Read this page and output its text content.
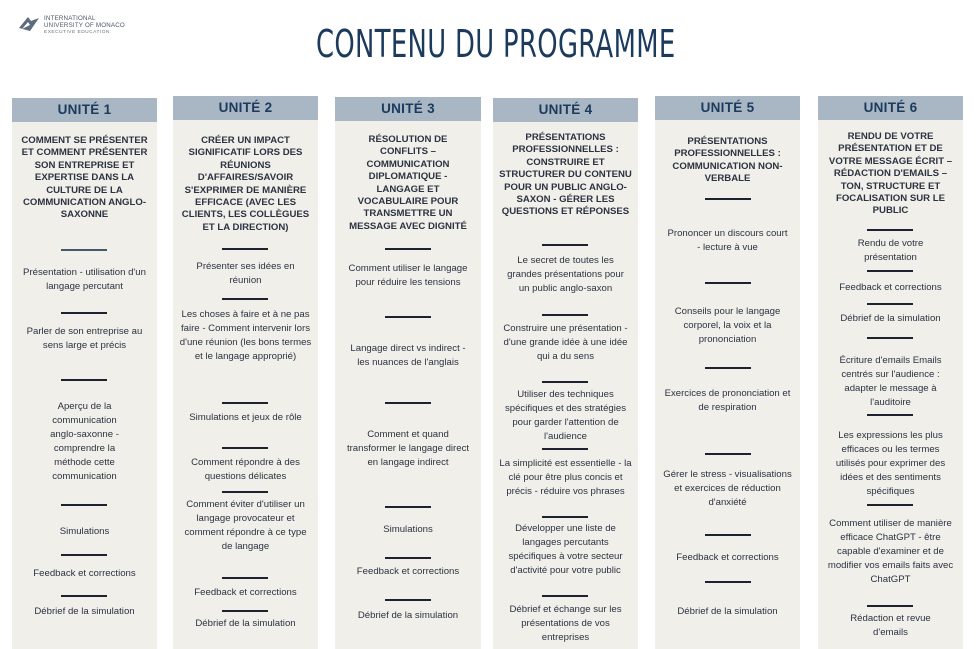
INTERNATIONAL
UNIVERSITY OF MONACO
EXECUTIVE EDUCATION	CONTENU DU PROGRAMME
UNITÉ 1
COMMENT SE PRÉSENTER ET COMMENT PRÉSENTER SON ENTREPRISE ET EXPERTISE DANS LA CULTURE DE LA COMMUNICATION ANGLO-SAXONNE
Présentation - utilisation d'un langage percutant
Parler de son entreprise au sens large et précis
Aperçu de la communication anglo-saxonne - comprendre la méthode cette communication
Simulations
Feedback et corrections
Débrief de la simulation
UNITÉ 2
CRÉER UN IMPACT SIGNIFICATIF LORS DES RÉUNIONS D'AFFAIRES/SAVOIR S'EXPRIMER DE MANIÈRE EFFICACE (AVEC LES CLIENTS, LES COLLÈGUES ET LA DIRECTION)
Présenter ses idées en réunion
Les choses à faire et à ne pas faire - Comment intervenir lors d'une réunion (les bons termes et le langage approprié)
Simulations et jeux de rôle
Comment répondre à des questions délicates
Comment éviter d'utiliser un langage provocateur et comment répondre à ce type de langage
Feedback et corrections
Débrief de la simulation
UNITÉ 3
RÉSOLUTION DE CONFLITS – COMMUNICATION DIPLOMATIQUE - LANGAGE ET VOCABULAIRE POUR TRANSMETTRE UN MESSAGE AVEC DIGNITÉ
Comment utiliser le langage pour réduire les tensions
Langage direct vs indirect - les nuances de l'anglais
Comment et quand transformer le langage direct en langage indirect
Simulations
Feedback et corrections
Débrief de la simulation
UNITÉ 4
PRÉSENTATIONS PROFESSIONNELLES : CONSTRUIRE ET STRUCTURER DU CONTENU POUR UN PUBLIC ANGLO-SAXON - GÉRER LES QUESTIONS ET RÉPONSES
Le secret de toutes les grandes présentations pour un public anglo-saxon
Construire une présentation - d'une grande idée à une idée qui a du sens
Utiliser des techniques spécifiques et des stratégies pour garder l'attention de l'audience
La simplicité est essentielle - la clé pour être plus concis et précis - réduire vos phrases
Développer une liste de langages percutants spécifiques à votre secteur d'activité pour votre public
Débrief et échange sur les présentations de vos entreprises
UNITÉ 5
PRÉSENTATIONS PROFESSIONNELLES : COMMUNICATION NON-VERBALE
Prononcer un discours court - lecture à vue
Conseils pour le langage corporel, la voix et la prononciation
Exercices de prononciation et de respiration
Gérer le stress - visualisations et exercices de réduction d'anxiété
Feedback et corrections
Débrief de la simulation
UNITÉ 6
RENDU DE VOTRE PRÉSENTATION ET DE VOTRE MESSAGE ÉCRIT – RÉDACTION D'EMAILS – TON, STRUCTURE ET FOCALISATION SUR LE PUBLIC
Rendu de votre présentation
Feedback et corrections
Débrief de la simulation
Écriture d'emails Emails centrés sur l'audience : adapter le message à l'auditoire
Les expressions les plus efficaces ou les termes utilisés pour exprimer des idées et des sentiments spécifiques
Comment utiliser de manière efficace ChatGPT - être capable d'examiner et de modifier vos emails faits avec ChatGPT
Rédaction et revue d'emails
